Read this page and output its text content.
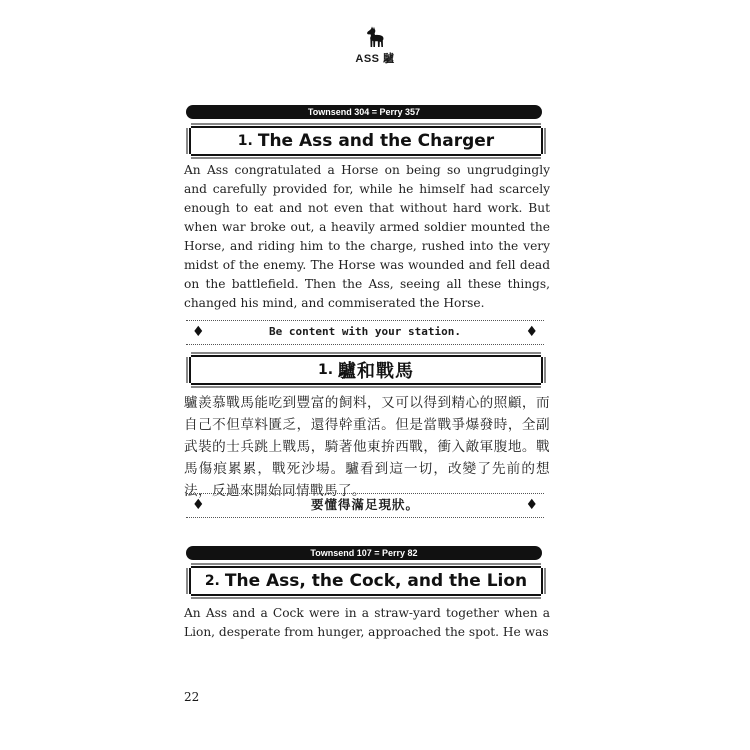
ASS 驢
Townsend 304 = Perry 357
1. The Ass and the Charger
An Ass congratulated a Horse on being so ungrudgingly and carefully provided for, while he himself had scarcely enough to eat and not even that without hard work. But when war broke out, a heavily armed soldier mounted the Horse, and riding him to the charge, rushed into the very midst of the enemy. The Horse was wounded and fell dead on the battlefield. Then the Ass, seeing all these things, changed his mind, and commiserated the Horse.
♦	Be content with your station.	♦
1. 驢和戰馬
驢羨慕戰馬能吃到豐富的飼料，又可以得到精心的照顧，而自己不但草料匱乏，還得幹重活。但是當戰爭爆發時，全副武裝的士兵跳上戰馬，騎著他東拚西戰，衝入敵軍腹地。戰馬傷痕累累，戰死沙場。驢看到這一切，改變了先前的想法，反過來開始同情戰馬了。
♦	要懂得滿足現狀。	♦
Townsend 107 = Perry 82
2. The Ass, the Cock, and the Lion
An Ass and a Cock were in a straw-yard together when a Lion, desperate from hunger, approached the spot. He was
22
